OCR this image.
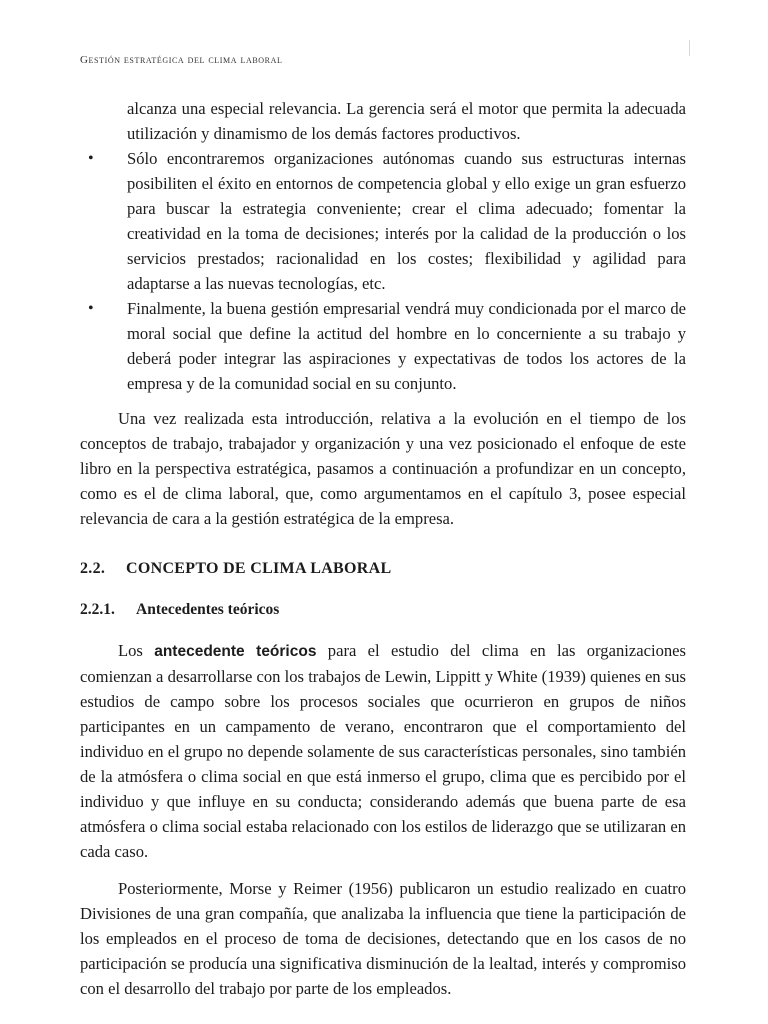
Gestión estratégica del clima laboral

alcanza una especial relevancia. La gerencia será el motor que permita la adecuada utilización y dinamismo de los demás factores productivos.

• Sólo encontraremos organizaciones autónomas cuando sus estructuras internas posibiliten el éxito en entornos de competencia global y ello exige un gran esfuerzo para buscar la estrategia conveniente; crear el clima adecuado; fomentar la creatividad en la toma de decisiones; interés por la calidad de la producción o los servicios prestados; racionalidad en los costes; flexibilidad y agilidad para adaptarse a las nuevas tecnologías, etc.
• Finalmente, la buena gestión empresarial vendrá muy condicionada por el marco de moral social que define la actitud del hombre en lo concerniente a su trabajo y deberá poder integrar las aspiraciones y expectativas de todos los actores de la empresa y de la comunidad social en su conjunto.

Una vez realizada esta introducción, relativa a la evolución en el tiempo de los conceptos de trabajo, trabajador y organización y una vez posicionado el enfoque de este libro en la perspectiva estratégica, pasamos a continuación a profundizar en un concepto, como es el de clima laboral, que, como argumentamos en el capítulo 3, posee especial relevancia de cara a la gestión estratégica de la empresa.

2.2. CONCEPTO DE CLIMA LABORAL
2.2.1. Antecedentes teóricos

Los antecedente teóricos para el estudio del clima en las organizaciones comienzan a desarrollarse con los trabajos de Lewin, Lippitt y White (1939) quienes en sus estudios de campo sobre los procesos sociales que ocurrieron en grupos de niños participantes en un campamento de verano, encontraron que el comportamiento del individuo en el grupo no depende solamente de sus características personales, sino también de la atmósfera o clima social en que está inmerso el grupo, clima que es percibido por el individuo y que influye en su conducta; considerando además que buena parte de esa atmósfera o clima social estaba relacionado con los estilos de liderazgo que se utilizaran en cada caso.

Posteriormente, Morse y Reimer (1956) publicaron un estudio realizado en cuatro Divisiones de una gran compañía, que analizaba la influencia que tiene la participación de los empleados en el proceso de toma de decisiones, detectando que en los casos de no participación se producía una significativa disminución de la lealtad, interés y compromiso con el desarrollo del trabajo por parte de los empleados.
